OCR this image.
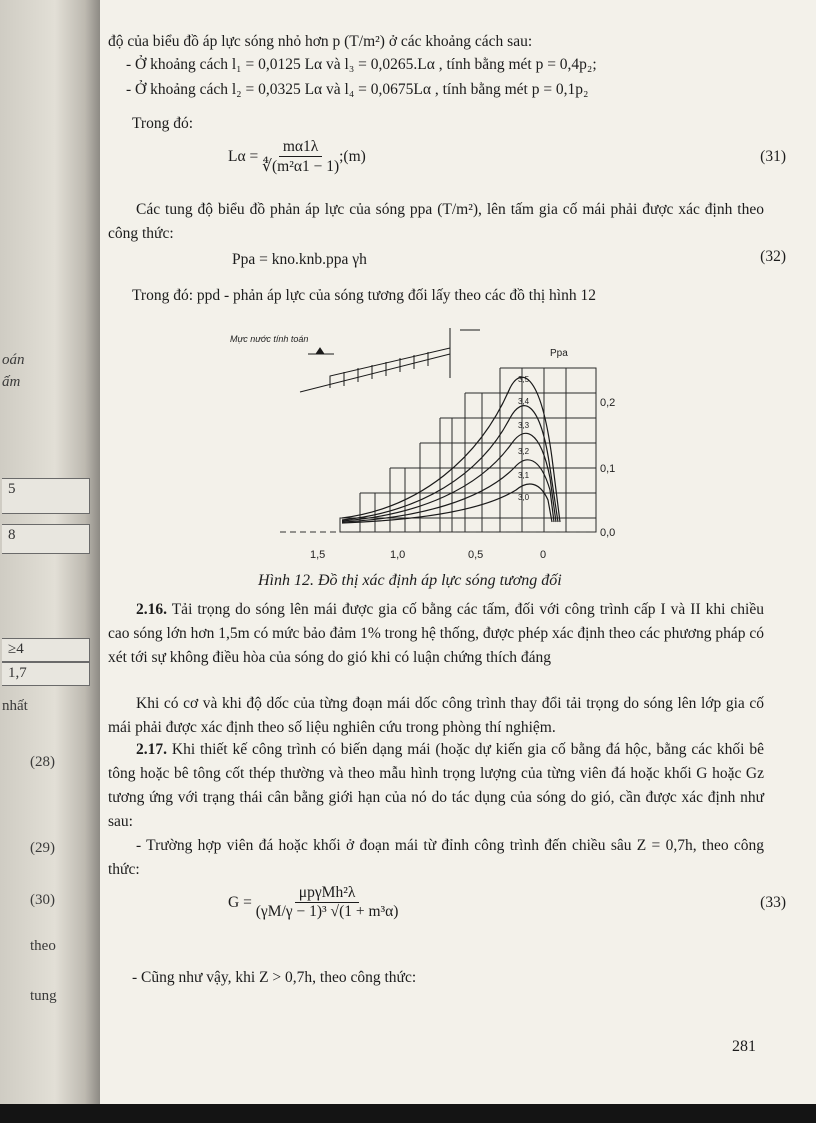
oán
ấm
5
8
≥4
1,7
nhất
(28)
(29)
(30)
theo
tung
độ của biểu đồ áp lực sóng nhỏ hơn p (T/m²) ở các khoảng cách sau:
- Ở khoảng cách l₁ = 0,0125 Lα và l₃ = 0,0265.Lα , tính bằng mét p = 0,4p₂;
- Ở khoảng cách l₂ = 0,0325 Lα và l₄ = 0,0675Lα , tính bằng mét p = 0,1p₂
Trong đó:
Lα =
$\frac{m\alpha 1\lambda}{\text{∜(m²α1 − 1)}}$ ;(m)	(31)

Các tung độ biểu đồ phản áp lực của sóng ppa (T/m²), lên tấm gia cố mái phải được xác định theo công thức:

Ppa = kno.knb.ppa γh	(32)
Trong đó: ppd - phản áp lực của sóng tương đối lấy theo các đồ thị hình 12
Mực nước tính toán
Ppa
3,5
3,4
3,3
3,2
3,1
3,0
0,2
0,1
0,0
1,5	1,0	0,5	0
Hình 12. Đồ thị xác định áp lực sóng tương đối

2.16. Tải trọng do sóng lên mái được gia cố bằng các tấm, đối với công trình cấp I và II khi chiều cao sóng lớn hơn 1,5m có mức bảo đảm 1% trong hệ thống, được phép xác định theo các phương pháp có xét tới sự không điều hòa của sóng do gió khi có luận chứng thích đáng

Khi có cơ và khi độ dốc của từng đoạn mái dốc công trình thay đổi tải trọng do sóng lên lớp gia cố mái phải được xác định theo số liệu nghiên cứu trong phòng thí nghiệm.

2.17. Khi thiết kế công trình có biến dạng mái (hoặc dự kiến gia cố bằng đá hộc, bằng các khối bê tông hoặc bê tông cốt thép thường và theo mẫu hình trọng lượng của từng viên đá hoặc khối G hoặc Gz tương ứng với trạng thái cân bằng giới hạn của nó do tác dụng của sóng do gió, cần được xác định như sau:

- Trường hợp viên đá hoặc khối ở đoạn mái từ đỉnh công trình đến chiều sâu Z = 0,7h, theo công thức:

G =
$\frac{\text{μpγMh²λ}}{\text{(γM/γ − 1)³ √(1 + m³α)}}$	(33)
- Cũng như vậy, khi Z > 0,7h, theo công thức:
281
